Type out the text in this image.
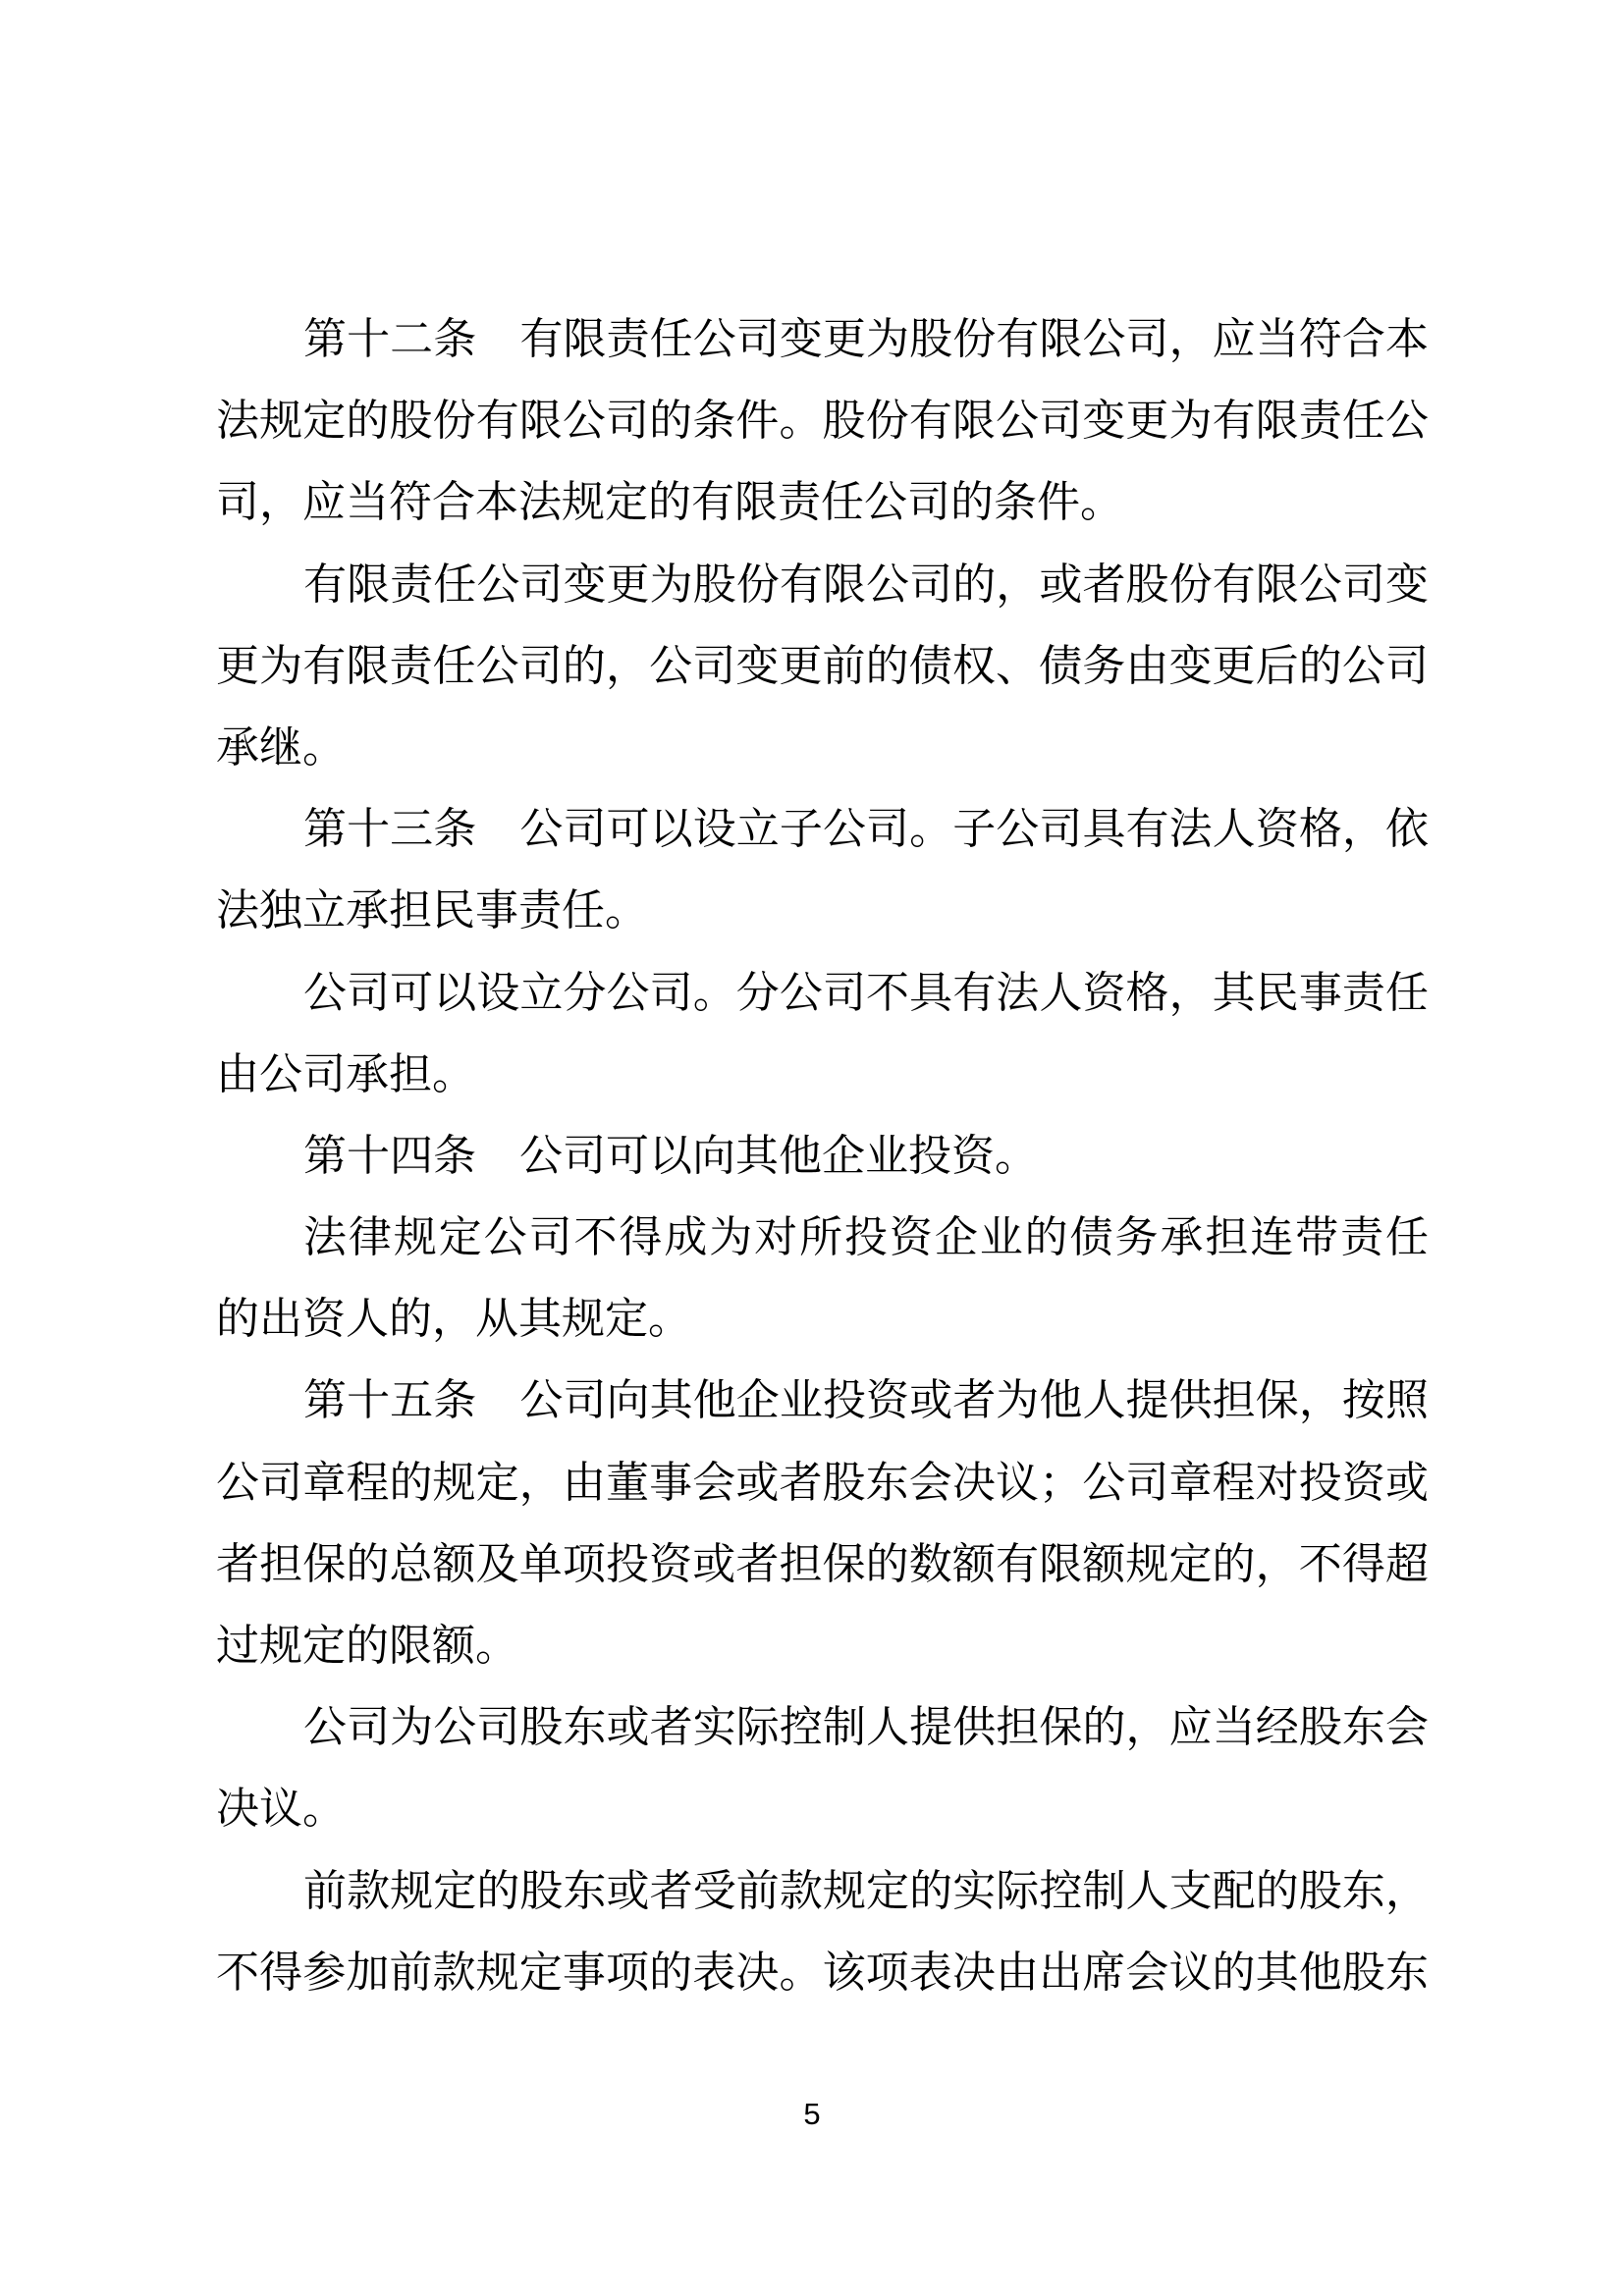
第十二条　有限责任公司变更为股份有限公司，应当符合本
法规定的股份有限公司的条件。股份有限公司变更为有限责任公
司，应当符合本法规定的有限责任公司的条件。
有限责任公司变更为股份有限公司的，或者股份有限公司变
更为有限责任公司的，公司变更前的债权、债务由变更后的公司
承继。
第十三条　公司可以设立子公司。子公司具有法人资格，依
法独立承担民事责任。
公司可以设立分公司。分公司不具有法人资格，其民事责任
由公司承担。
第十四条　公司可以向其他企业投资。
法律规定公司不得成为对所投资企业的债务承担连带责任
的出资人的，从其规定。
第十五条　公司向其他企业投资或者为他人提供担保，按照
公司章程的规定，由董事会或者股东会决议；公司章程对投资或
者担保的总额及单项投资或者担保的数额有限额规定的，不得超
过规定的限额。
公司为公司股东或者实际控制人提供担保的，应当经股东会
决议。
前款规定的股东或者受前款规定的实际控制人支配的股东，
不得参加前款规定事项的表决。该项表决由出席会议的其他股东
5
